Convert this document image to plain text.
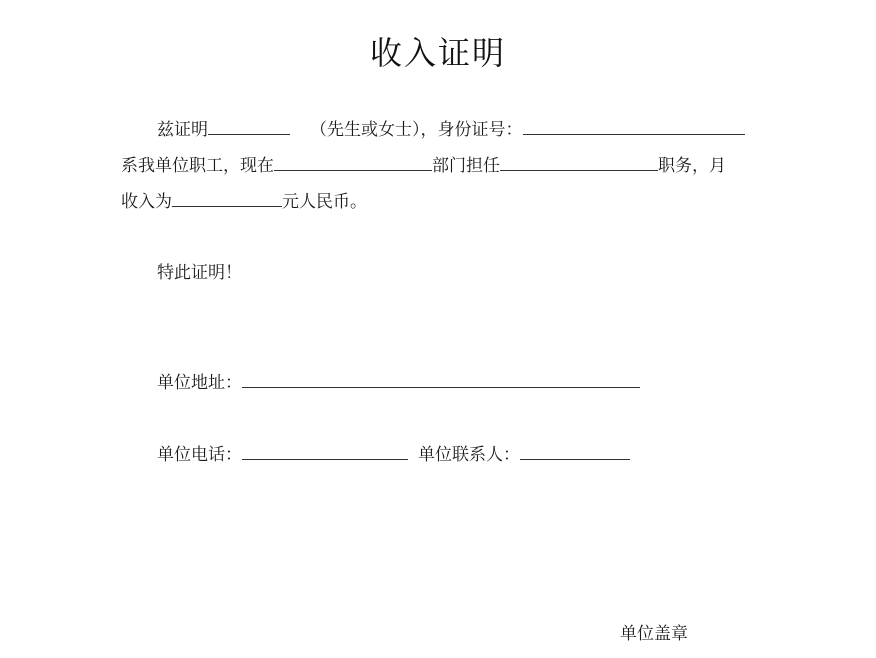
收入证明
兹证明	（先生或女士），身份证号：
系我单位职工，现在	部门担任	职务，月
收入为	元人民币。
特此证明！
单位地址：
单位电话：	单位联系人：
单位盖章
